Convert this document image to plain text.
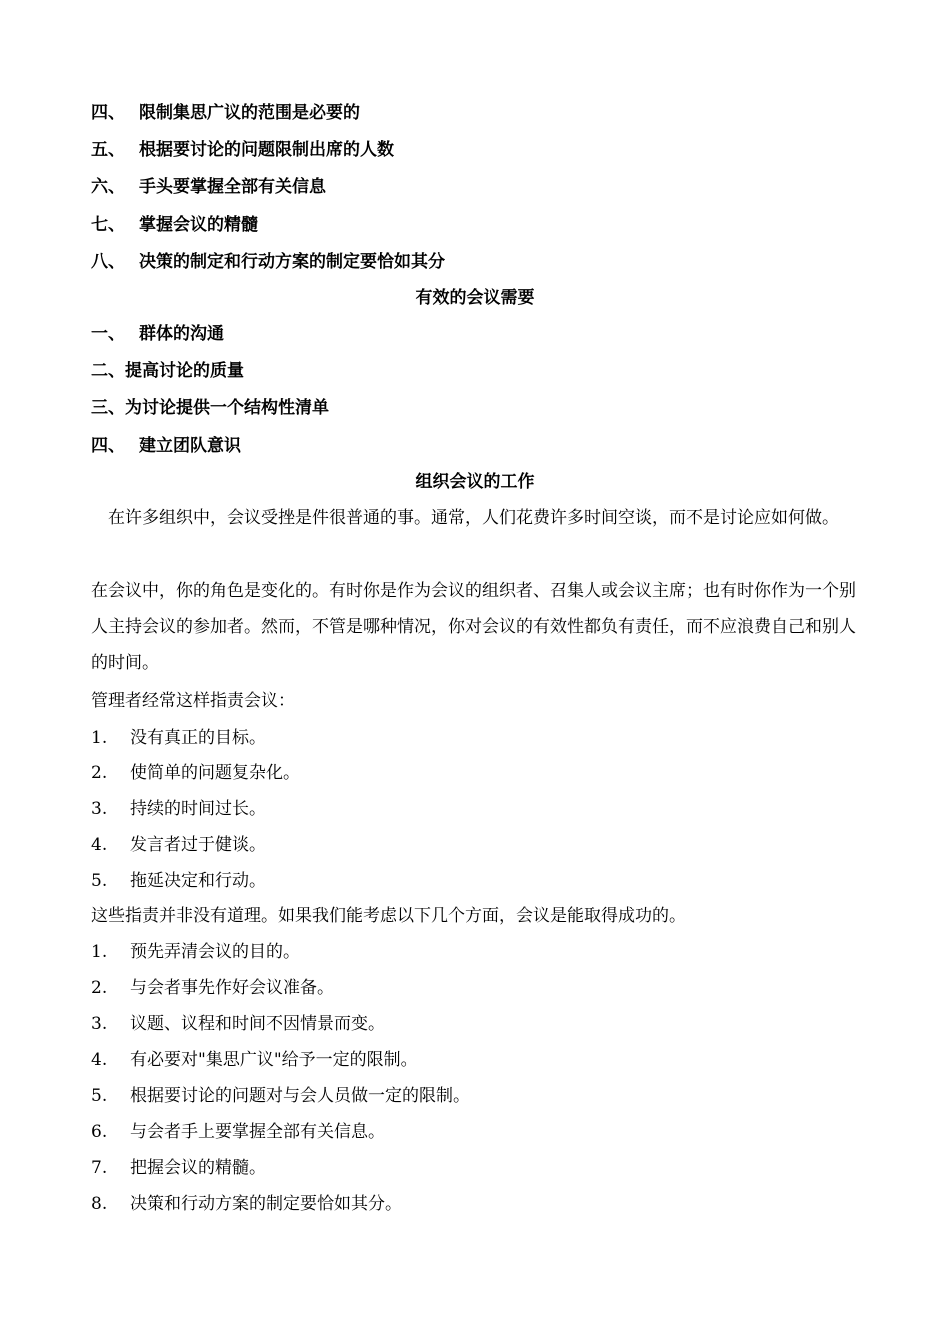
四、 限制集思广议的范围是必要的
五、 根据要讨论的问题限制出席的人数
六、 手头要掌握全部有关信息
七、 掌握会议的精髓
八、 决策的制定和行动方案的制定要恰如其分
有效的会议需要
一、 群体的沟通
二、提高讨论的质量
三、为讨论提供一个结构性清单
四、 建立团队意识
组织会议的工作
在许多组织中，会议受挫是件很普通的事。通常，人们花费许多时间空谈，而不是讨论应如何做。
在会议中，你的角色是变化的。有时你是作为会议的组织者、召集人或会议主席；也有时你作为一个别人主持会议的参加者。然而，不管是哪种情况，你对会议的有效性都负有责任，而不应浪费自己和别人的时间。
管理者经常这样指责会议：
1. 没有真正的目标。
2. 使简单的问题复杂化。
3. 持续的时间过长。
4. 发言者过于健谈。
5. 拖延决定和行动。
这些指责并非没有道理。如果我们能考虑以下几个方面，会议是能取得成功的。
1. 预先弄清会议的目的。
2. 与会者事先作好会议准备。
3. 议题、议程和时间不因情景而变。
4. 有必要对"集思广议"给予一定的限制。
5. 根据要讨论的问题对与会人员做一定的限制。
6. 与会者手上要掌握全部有关信息。
7. 把握会议的精髓。
8. 决策和行动方案的制定要恰如其分。
